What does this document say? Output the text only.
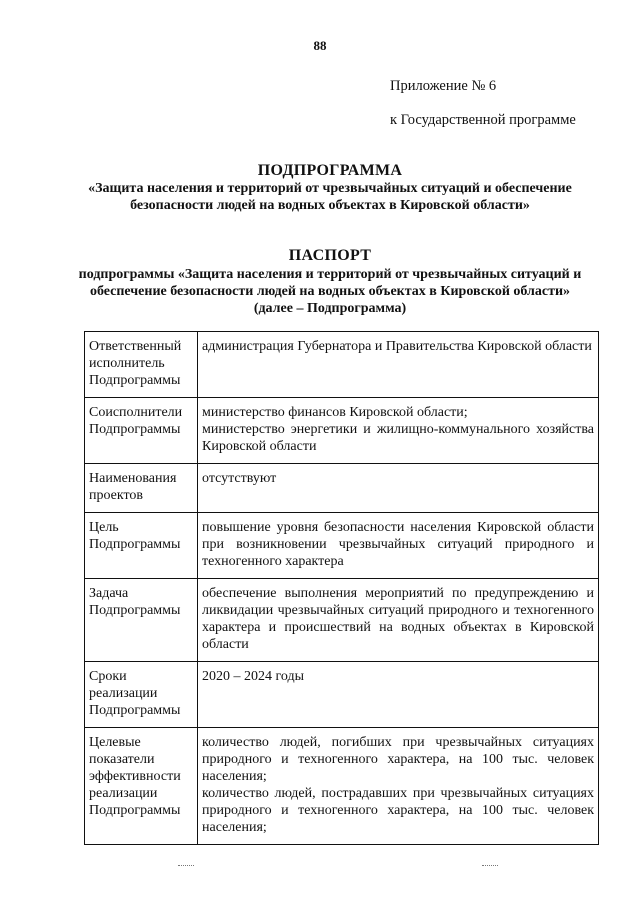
88
Приложение № 6
к Государственной программе
ПОДПРОГРАММА
«Защита населения и территорий от чрезвычайных ситуаций и обеспечение безопасности людей на водных объектах в Кировской области»
ПАСПОРТ
подпрограммы «Защита населения и территорий от чрезвычайных ситуаций и обеспечение безопасности людей на водных объектах в Кировской области» (далее – Подпрограмма)
Ответственный исполнитель Подпрограммы	администрация Губернатора и Правительства Кировской области

Соисполнители Подпрограммы	министерство финансов Кировской области;
министерство энергетики и жилищно-коммунального хозяйства Кировской области

Наименования проектов	отсутствуют

Цель Подпрограммы	повышение уровня безопасности населения Кировской области при возникновении чрезвычайных ситуаций природного и техногенного характера

Задача Подпрограммы	обеспечение выполнения мероприятий по предупреждению и ликвидации чрезвычайных ситуаций природного и техногенного характера и происшествий на водных объектах в Кировской области

Сроки реализации Подпрограммы	2020 – 2024 годы

Целевые показатели эффективности реализации Подпрограммы	количество людей, погибших при чрезвычайных ситуациях природного и техногенного характера, на 100 тыс. человек населения;
количество людей, пострадавших при чрезвычайных ситуациях природного и техногенного характера, на 100 тыс. человек населения;
